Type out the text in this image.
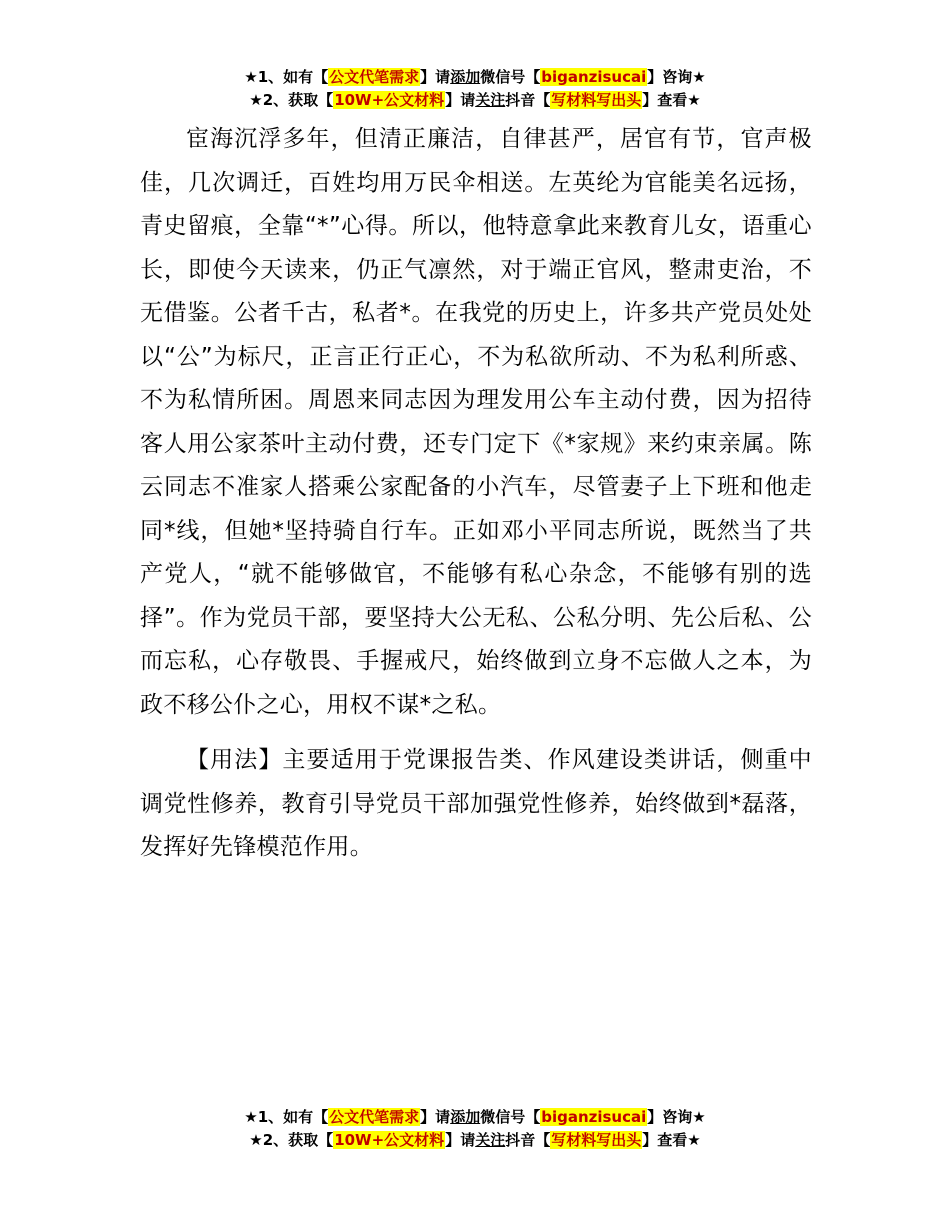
★1、如有【公文代笔需求】请添加微信号【biganzisucai】咨询★
★2、获取【10W+公文材料】请关注抖音【写材料写出头】查看★

宦海沉浮多年，但清正廉洁，自律甚严，居官有节，官声极佳，几次调迁，百姓均用万民伞相送。左英纶为官能美名远扬，青史留痕，全靠“*”心得。所以，他特意拿此来教育儿女，语重心长，即使今天读来，仍正气凛然，对于端正官风，整肃吏治，不无借鉴。公者千古，私者*。在我党的历史上，许多共产党员处处以“公”为标尺，正言正行正心，不为私欲所动、不为私利所惑、不为私情所困。周恩来同志因为理发用公车主动付费，因为招待客人用公家茶叶主动付费，还专门定下《*家规》来约束亲属。陈云同志不准家人搭乘公家配备的小汽车，尽管妻子上下班和他走同*线，但她*坚持骑自行车。正如邓小平同志所说，既然当了共产党人，“就不能够做官，不能够有私心杂念，不能够有别的选择”。作为党员干部，要坚持大公无私、公私分明、先公后私、公而忘私，心存敬畏、手握戒尺，始终做到立身不忘做人之本，为政不移公仆之心，用权不谋*之私。

【用法】主要适用于党课报告类、作风建设类讲话，侧重中调党性修养，教育引导党员干部加强党性修养，始终做到*磊落，发挥好先锋模范作用。

★1、如有【公文代笔需求】请添加微信号【biganzisucai】咨询★
★2、获取【10W+公文材料】请关注抖音【写材料写出头】查看★
